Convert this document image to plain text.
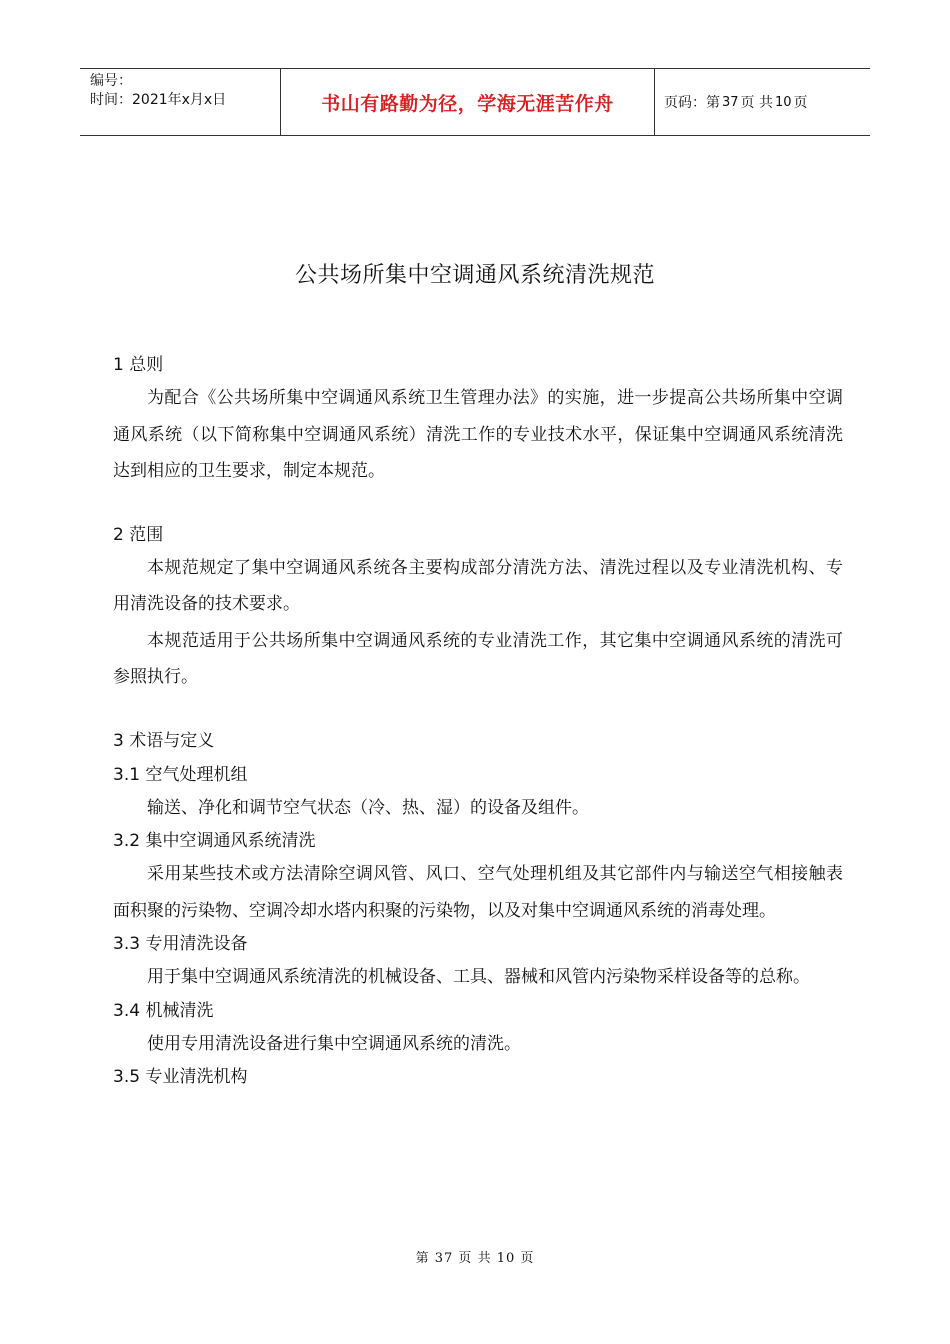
编号：
时间：2021年x月x日	书山有路勤为径，学海无涯苦作舟	页码：第 37 页 共 10 页
公共场所集中空调通风系统清洗规范
1 总则
为配合《公共场所集中空调通风系统卫生管理办法》的实施，进一步提高公共场所集中空调通风系统（以下简称集中空调通风系统）清洗工作的专业技术水平，保证集中空调通风系统清洗达到相应的卫生要求，制定本规范。
2 范围
本规范规定了集中空调通风系统各主要构成部分清洗方法、清洗过程以及专业清洗机构、专用清洗设备的技术要求。
本规范适用于公共场所集中空调通风系统的专业清洗工作，其它集中空调通风系统的清洗可参照执行。
3 术语与定义
3.1 空气处理机组
输送、净化和调节空气状态（冷、热、湿）的设备及组件。
3.2 集中空调通风系统清洗
采用某些技术或方法清除空调风管、风口、空气处理机组及其它部件内与输送空气相接触表面积聚的污染物、空调冷却水塔内积聚的污染物，以及对集中空调通风系统的消毒处理。
3.3 专用清洗设备
用于集中空调通风系统清洗的机械设备、工具、器械和风管内污染物采样设备等的总称。
3.4 机械清洗
使用专用清洗设备进行集中空调通风系统的清洗。
3.5 专业清洗机构
第 37 页 共 10 页
